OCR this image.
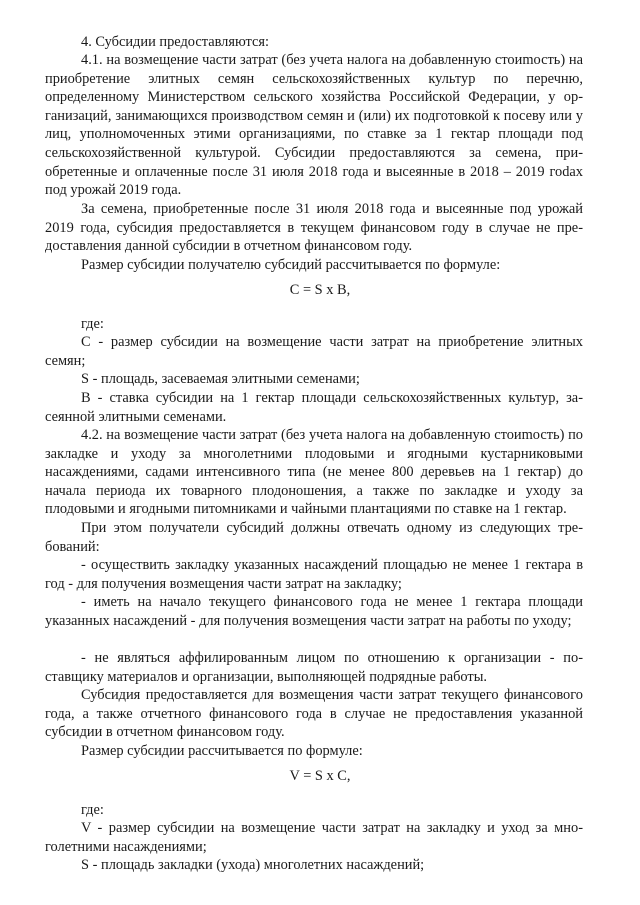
4. Субсидии предоставляются:

4.1. на возмещение части затрат (без учета налога на добавленную стоиmость) на приобретение элитных семян сельскохозяйственных культур по перечню, определенному Министерством сельского хозяйства Российской Федерации, у организаций, занимающихся производством семян и (или) их подготовкой к посеву или у лиц, уполномоченных этими организациями, по ставке за 1 гектар площади под сельскохозяйственной культурой. Субсидии предоставляются за семена, приобретенные и оплаченные после 31 июля 2018 года и высеянные в 2018 – 2019 гоdах под урожай 2019 года.

За семена, приобретенные после 31 июля 2018 года и высеянные под урожай 2019 года, субсидия предоставляется в текущем финансовом году в случае не предоставления данной субсидии в отчетном финансовом году.

Размер субсидии получателю субсидий рассчитывается по формуле:

C = S x B,

где:

C - размер субсидии на возмещение части затрат на приобретение элитных семян;

S - площадь, засеваемая элитными семенами;

B - ставка субсидии на 1 гектар площади сельскохозяйственных культур, засеянной элитными семенами.

4.2. на возмещение части затрат (без учета налога на добавленную стоиmость) по закладке и уходу за многолетними плодовыми и ягодными кустарниковыми насаждениями, садами интенсивного типа (не менее 800 деревьев на 1 гектар) до начала периода их товарного плодоношения, а также по закладке и уходу за плодовыми и ягодными питомниками и чайными плантациями по ставке на 1 гектар.

При этом получатели субсидий должны отвечать одному из следующих требований:

- осуществить закладку указанных насаждений площадью не менее 1 гектара в год - для получения возмещения части затрат на закладку;

- иметь на начало текущего финансового года не менее 1 гектара площади указанных насаждений - для получения возмещения части затрат на работы по уходу;

- не являться аффилированным лицом по отношению к организации - поставщику материалов и организации, выполняющей подрядные работы.

Субсидия предоставляется для возмещения части затрат текущего финансового года, а также отчетного финансового года в случае не предоставления указанной субсидии в отчетном финансовом году.

Размер субсидии рассчитывается по формуле:

V = S x C,

где:

V - размер субсидии на возмещение части затрат на закладку и уход за многолетними насаждениями;

S - площадь закладки (ухода) многолетних насаждений;
